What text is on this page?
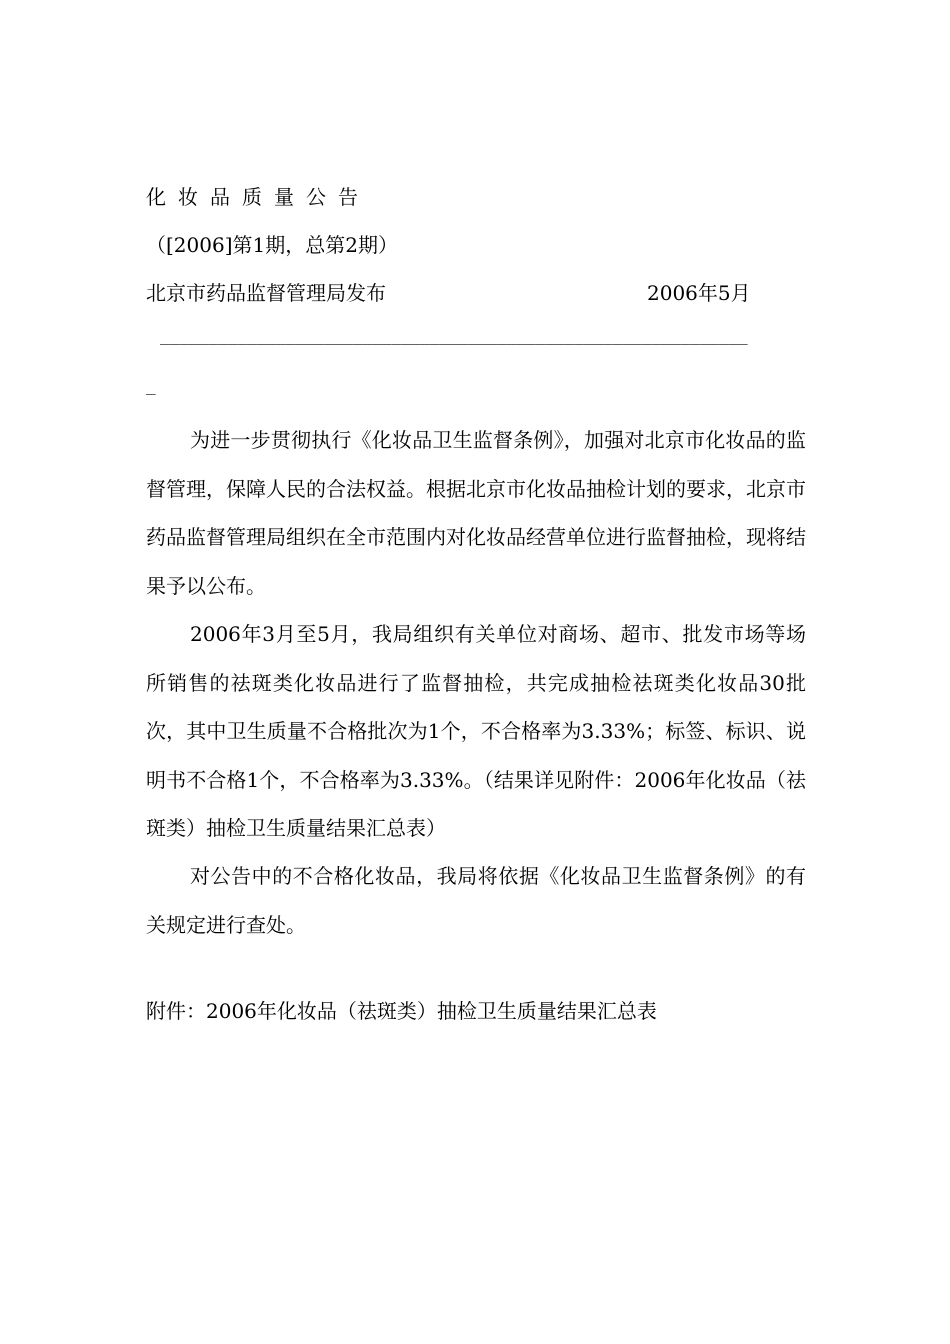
化妆品质量公告
（[2006]第1期，总第2期）
北京市药品监督管理局发布	2006年5月
_____________________________________________________________
_

为进一步贯彻执行《化妆品卫生监督条例》，加强对北京市化妆品的监督管理，保障人民的合法权益。根据北京市化妆品抽检计划的要求，北京市药品监督管理局组织在全市范围内对化妆品经营单位进行监督抽检，现将结果予以公布。

2006年3月至5月，我局组织有关单位对商场、超市、批发市场等场所销售的祛斑类化妆品进行了监督抽检，共完成抽检祛斑类化妆品30批次，其中卫生质量不合格批次为1个，不合格率为3.33%；标签、标识、说明书不合格1个，不合格率为3.33%。（结果详见附件：2006年化妆品（祛斑类）抽检卫生质量结果汇总表）

对公告中的不合格化妆品，我局将依据《化妆品卫生监督条例》的有关规定进行查处。

附件：2006年化妆品（祛斑类）抽检卫生质量结果汇总表
